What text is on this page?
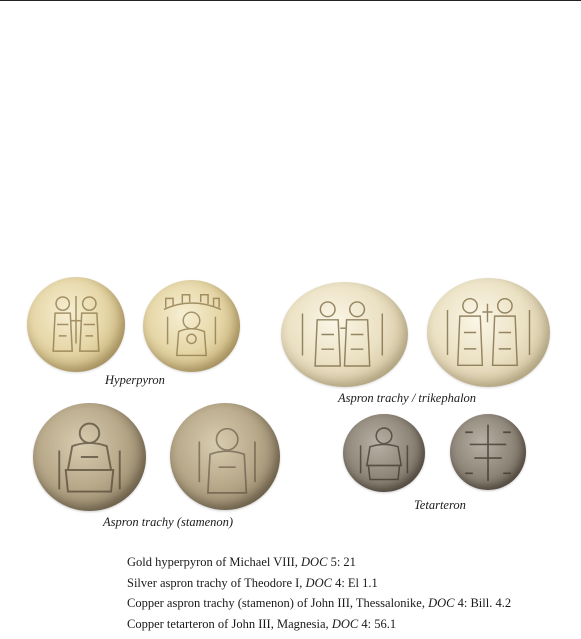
Hyperpyron
Aspron trachy / trikephalon
Aspron trachy (stamenon)
Tetarteron
Gold hyperpyron of Michael VIII, DOC 5: 21
Silver aspron trachy of Theodore I, DOC 4: El 1.1
Copper aspron trachy (stamenon) of John III, Thessalonike, DOC 4: Bill. 4.2
Copper tetarteron of John III, Magnesia, DOC 4: 56.1
